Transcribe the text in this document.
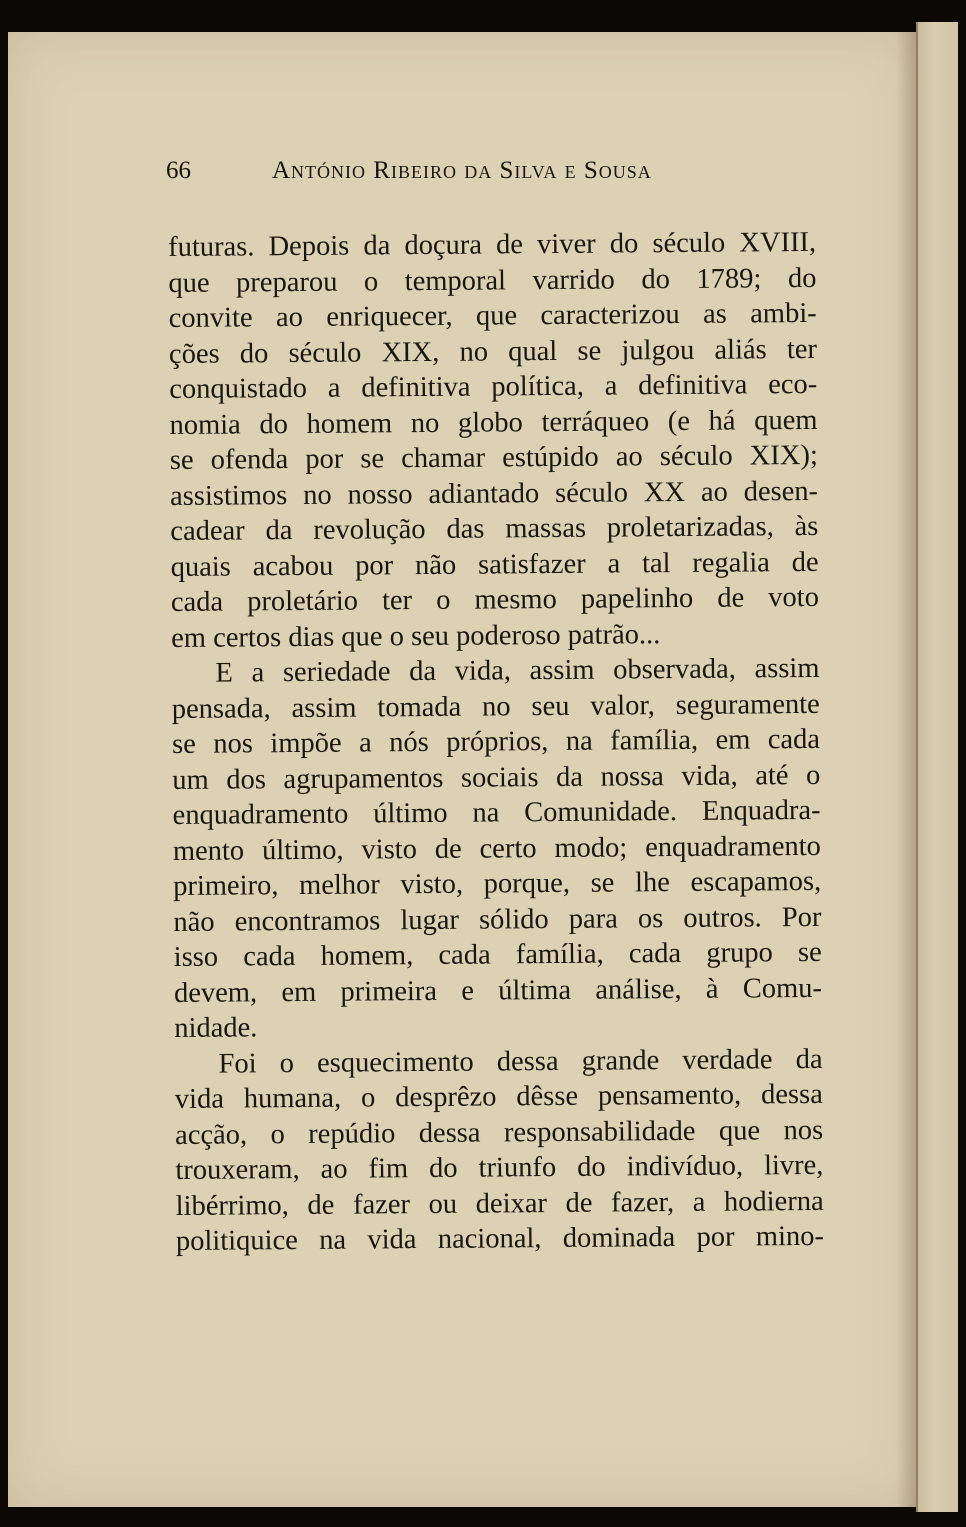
66	António Ribeiro da Silva e Sousa
futuras. Depois da doçura de viver do século XVIII,
que preparou o temporal varrido do 1789; do
convite ao enriquecer, que caracterizou as ambi-
ções do século XIX, no qual se julgou aliás ter
conquistado a definitiva política, a definitiva eco-
nomia do homem no globo terráqueo (e há quem
se ofenda por se chamar estúpido ao século XIX);
assistimos no nosso adiantado século XX ao desen-
cadear da revolução das massas proletarizadas, às
quais acabou por não satisfazer a tal regalia de
cada proletário ter o mesmo papelinho de voto
em certos dias que o seu poderoso patrão...
E a seriedade da vida, assim observada, assim
pensada, assim tomada no seu valor, seguramente
se nos impõe a nós próprios, na família, em cada
um dos agrupamentos sociais da nossa vida, até o
enquadramento último na Comunidade. Enquadra-
mento último, visto de certo modo; enquadramento
primeiro, melhor visto, porque, se lhe escapamos,
não encontramos lugar sólido para os outros. Por
isso cada homem, cada família, cada grupo se
devem, em primeira e última análise, à Comu-
nidade.
Foi o esquecimento dessa grande verdade da
vida humana, o desprêzo dêsse pensamento, dessa
acção, o repúdio dessa responsabilidade que nos
trouxeram, ao fim do triunfo do indivíduo, livre,
libérrimo, de fazer ou deixar de fazer, a hodierna
politiquice na vida nacional, dominada por mino-
